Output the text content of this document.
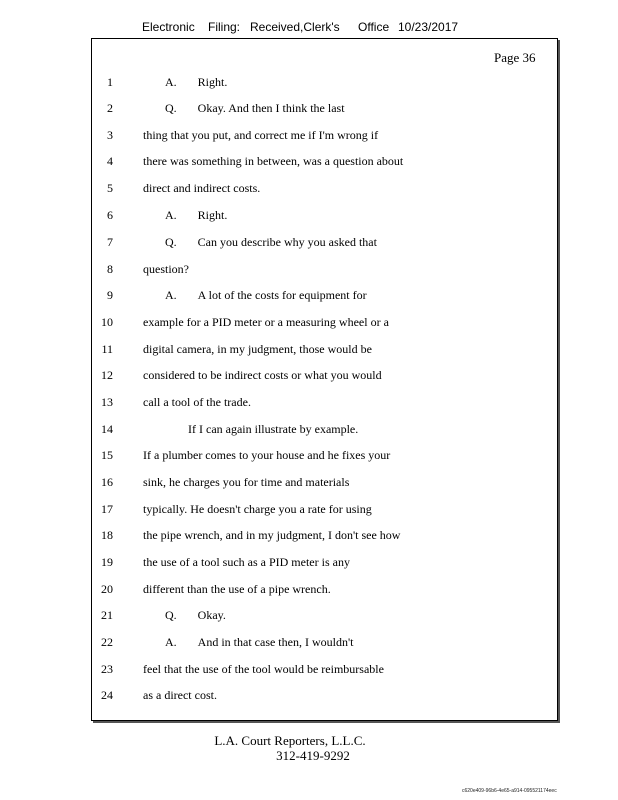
Electronic Filing: Received,Clerk's Office 10/23/2017
Page 36
1	A.       Right.
2	Q.       Okay. And then I think the last
3	thing that you put, and correct me if I'm wrong if
4	there was something in between, was a question about
5	direct and indirect costs.
6	A.       Right.
7	Q.       Can you describe why you asked that
8	question?
9	A.       A lot of the costs for equipment for
10	example for a PID meter or a measuring wheel or a
11	digital camera, in my judgment, those would be
12	considered to be indirect costs or what you would
13	call a tool of the trade.
14	If I can again illustrate by example.
15	If a plumber comes to your house and he fixes your
16	sink, he charges you for time and materials
17	typically. He doesn't charge you a rate for using
18	the pipe wrench, and in my judgment, I don't see how
19	the use of a tool such as a PID meter is any
20	different than the use of a pipe wrench.
21	Q.       Okay.
22	A.       And in that case then, I wouldn't
23	feel that the use of the tool would be reimbursable
24	as a direct cost.
L.A. Court Reporters, L.L.C.
312-419-9292
c620e409-96b6-4e65-a914-095521174eec
